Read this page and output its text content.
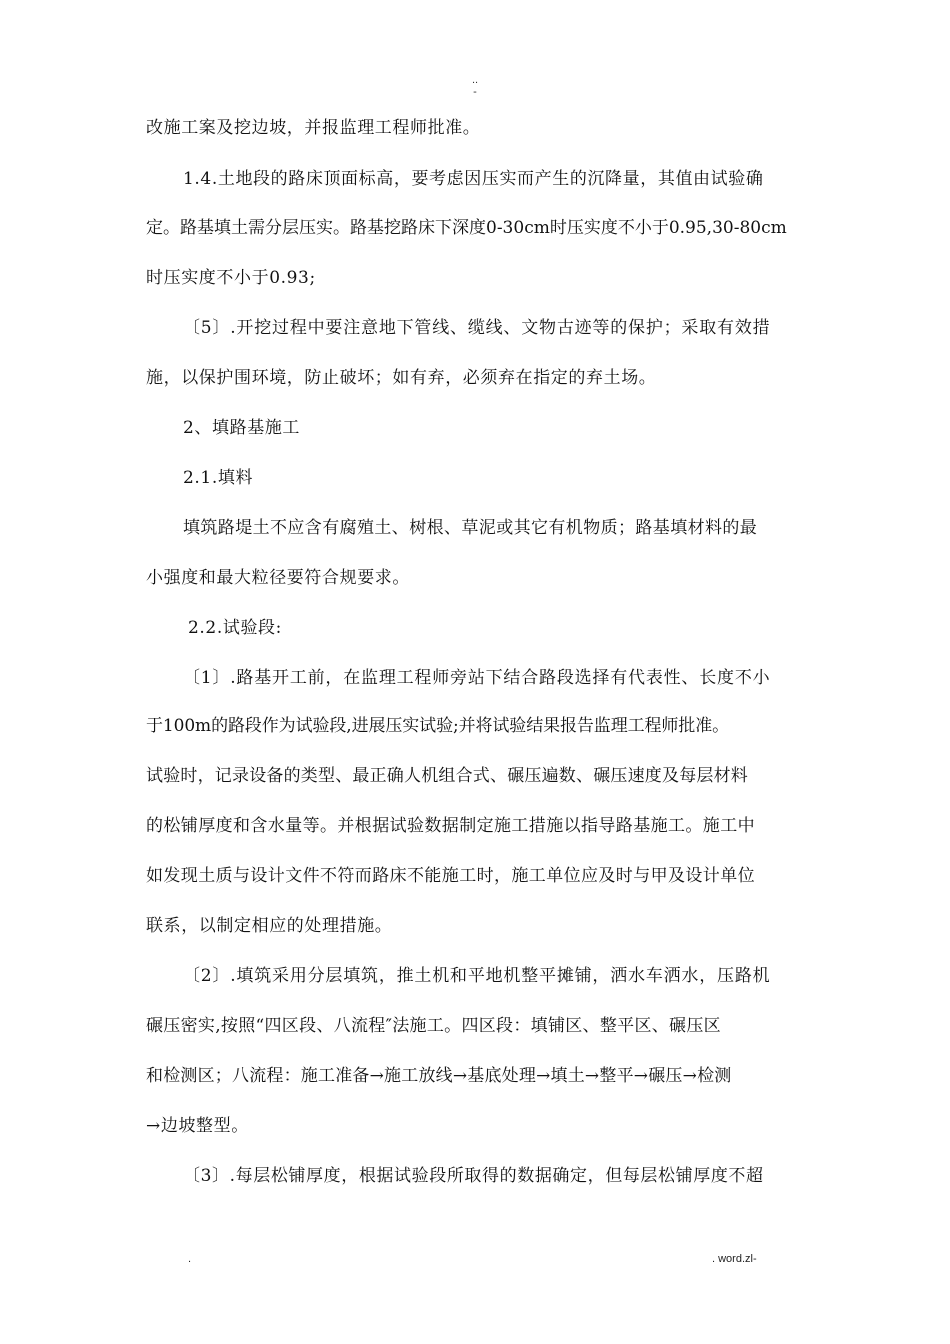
..
-
改施工案及挖边坡，并报监理工程师批准。
1.4.土地段的路床顶面标高，要考虑因压实而产生的沉降量，其值由试验确
定。路基填土需分层压实。路基挖路床下深度0-30cm时压实度不小于0.95,30-80cm
时压实度不小于0.93;
〔5〕.开挖过程中要注意地下管线、缆线、文物古迹等的保护；采取有效措
施，以保护围环境，防止破坏；如有弃，必须弃在指定的弃土场。
2、填路基施工
2.1.填料
填筑路堤土不应含有腐殖土、树根、草泥或其它有机物质；路基填材料的最
小强度和最大粒径要符合规要求。
2.2.试验段:
〔1〕.路基开工前，在监理工程师旁站下结合路段选择有代表性、长度不小
于100m的路段作为试验段,进展压实试验;并将试验结果报告监理工程师批准。
试验时，记录设备的类型、最正确人机组合式、碾压遍数、碾压速度及每层材料
的松铺厚度和含水量等。并根据试验数据制定施工措施以指导路基施工。施工中
如发现土质与设计文件不符而路床不能施工时，施工单位应及时与甲及设计单位
联系，以制定相应的处理措施。
〔2〕.填筑采用分层填筑，推土机和平地机整平摊铺，洒水车洒水，压路机
碾压密实,按照“四区段、八流程″法施工。四区段：填铺区、整平区、碾压区
和检测区；八流程：施工准备→施工放线→基底处理→填土→整平→碾压→检测
→边坡整型。
〔3〕.每层松铺厚度，根据试验段所取得的数据确定，但每层松铺厚度不超
.	. word.zl-
